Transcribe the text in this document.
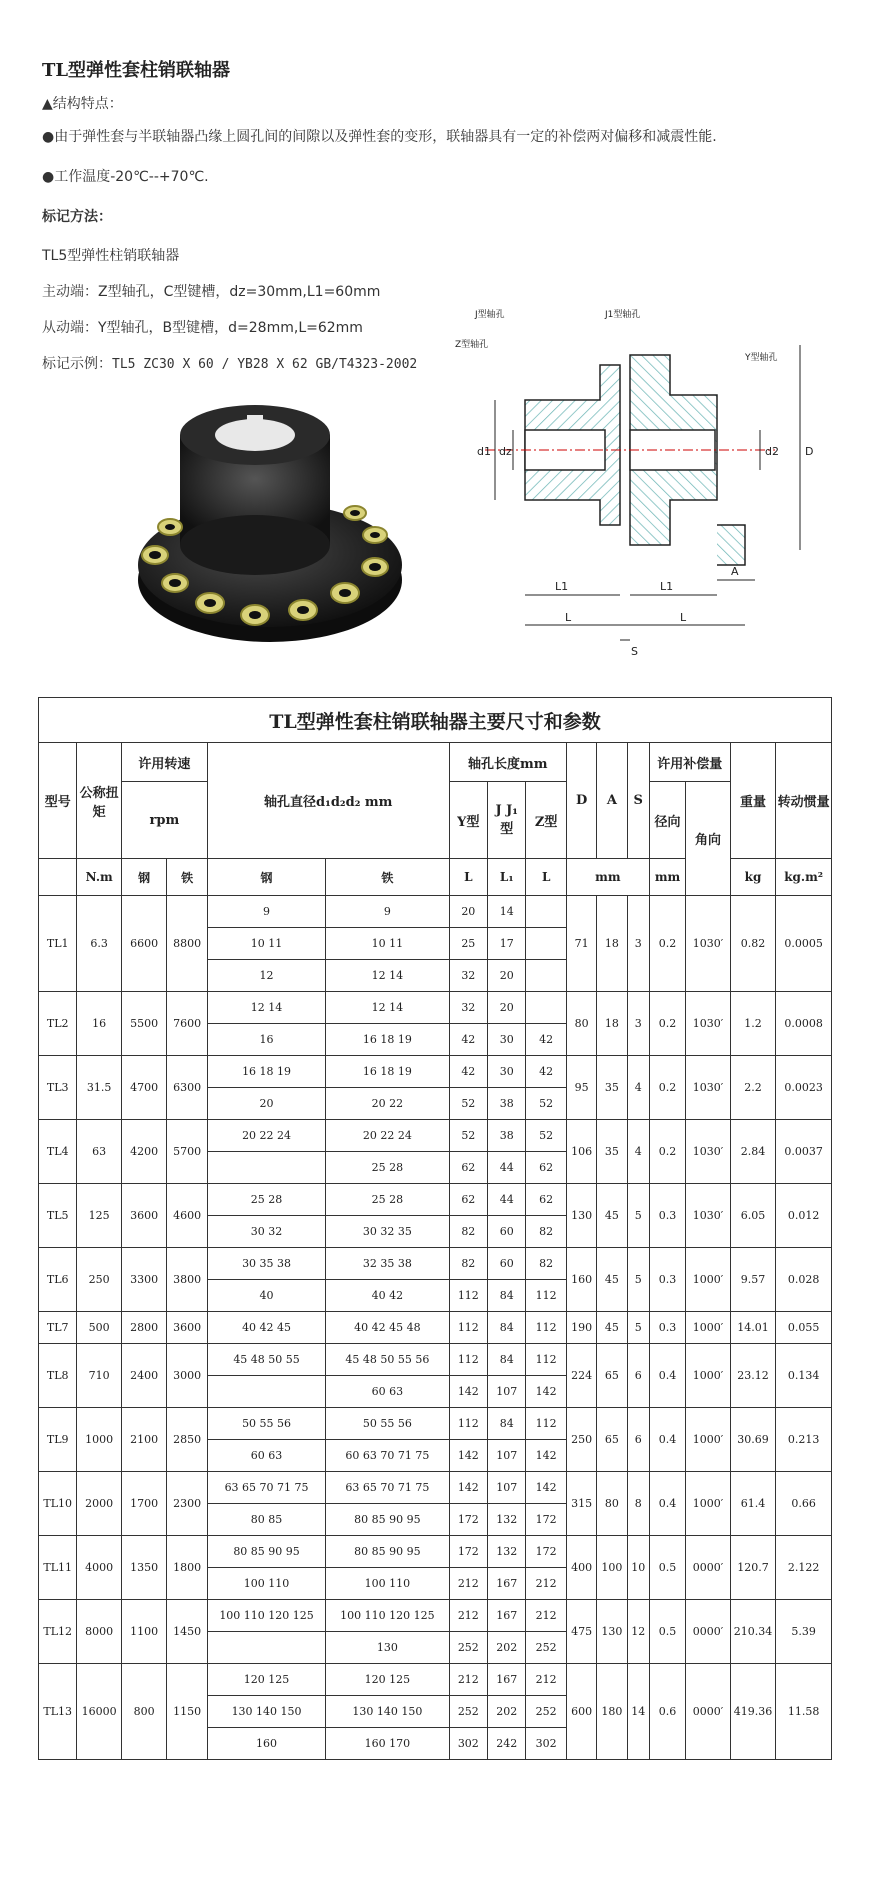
TL型弹性套柱销联轴器
▲结构特点：
●由于弹性套与半联轴器凸缘上圆孔间的间隙以及弹性套的变形，联轴器具有一定的补偿两对偏移和减震性能.
●工作温度-20℃--+70℃.
标记方法：
TL5型弹性柱销联轴器
主动端：Z型轴孔，C型键槽，dz=30mm,L1=60mm
从动端：Y型轴孔，B型键槽，d=28mm,L=62mm
标记示例：TL5 ZC30 X 60 / YB28 X 62 GB/T4323-2002
J型轴孔	J1型轴孔
Z型轴孔
Y型轴孔
d1 dz	d2 D
A
L1
L
L1
L
S
TL型弹性套柱销联轴器主要尺寸和参数															
型号	公称扭矩	许用转速		轴孔直径d₁d₂d₂ mm		轴孔长度mm			D	A	S	许用补偿量		重量	转动惯量
		rpm				Y型	J J₁ 型	Z型				径向	角向		
	N.m	钢	铁	钢	铁	L	L₁	L	mm			mm		kg	kg.m²
TL1	6.3	6600	8800	9	9	20	14		71	18	3	0.2	1030′	0.82	0.0005
				10 11	10 11	25	17								
				12	12 14	32	20								
TL2	16	5500	7600	12 14	12 14	32	20		80	18	3	0.2	1030′	1.2	0.0008
				16	16 18 19	42	30	42							
TL3	31.5	4700	6300	16 18 19	16 18 19	42	30	42	95	35	4	0.2	1030′	2.2	0.0023
				20	20 22	52	38	52							
TL4	63	4200	5700	20 22 24	20 22 24	52	38	52	106	35	4	0.2	1030′	2.84	0.0037
					25 28	62	44	62							
TL5	125	3600	4600	25 28	25 28	62	44	62	130	45	5	0.3	1030′	6.05	0.012
				30 32	30 32 35	82	60	82							
TL6	250	3300	3800	30 35 38	32 35 38	82	60	82	160	45	5	0.3	1000′	9.57	0.028
				40	40 42	112	84	112							
TL7	500	2800	3600	40 42 45	40 42 45 48	112	84	112	190	45	5	0.3	1000′	14.01	0.055
TL8	710	2400	3000	45 48 50 55	45 48 50 55 56	112	84	112	224	65	6	0.4	1000′	23.12	0.134
					60 63	142	107	142							
TL9	1000	2100	2850	50 55 56	50 55 56	112	84	112	250	65	6	0.4	1000′	30.69	0.213
				60 63	60 63 70 71 75	142	107	142							
TL10	2000	1700	2300	63 65 70 71 75	63 65 70 71 75	142	107	142	315	80	8	0.4	1000′	61.4	0.66
				80 85	80 85 90 95	172	132	172							
TL11	4000	1350	1800	80 85 90 95	80 85 90 95	172	132	172	400	100	10	0.5	0000′	120.7	2.122
				100 110	100 110	212	167	212							
TL12	8000	1100	1450	100 110 120 125	100 110 120 125	212	167	212	475	130	12	0.5	0000′	210.34	5.39
					130	252	202	252							
TL13	16000	800	1150	120 125	120 125	212	167	212	600	180	14	0.6	0000′	419.36	11.58
				130 140 150	130 140 150	252	202	252							
				160	160 170	302	242	302							
